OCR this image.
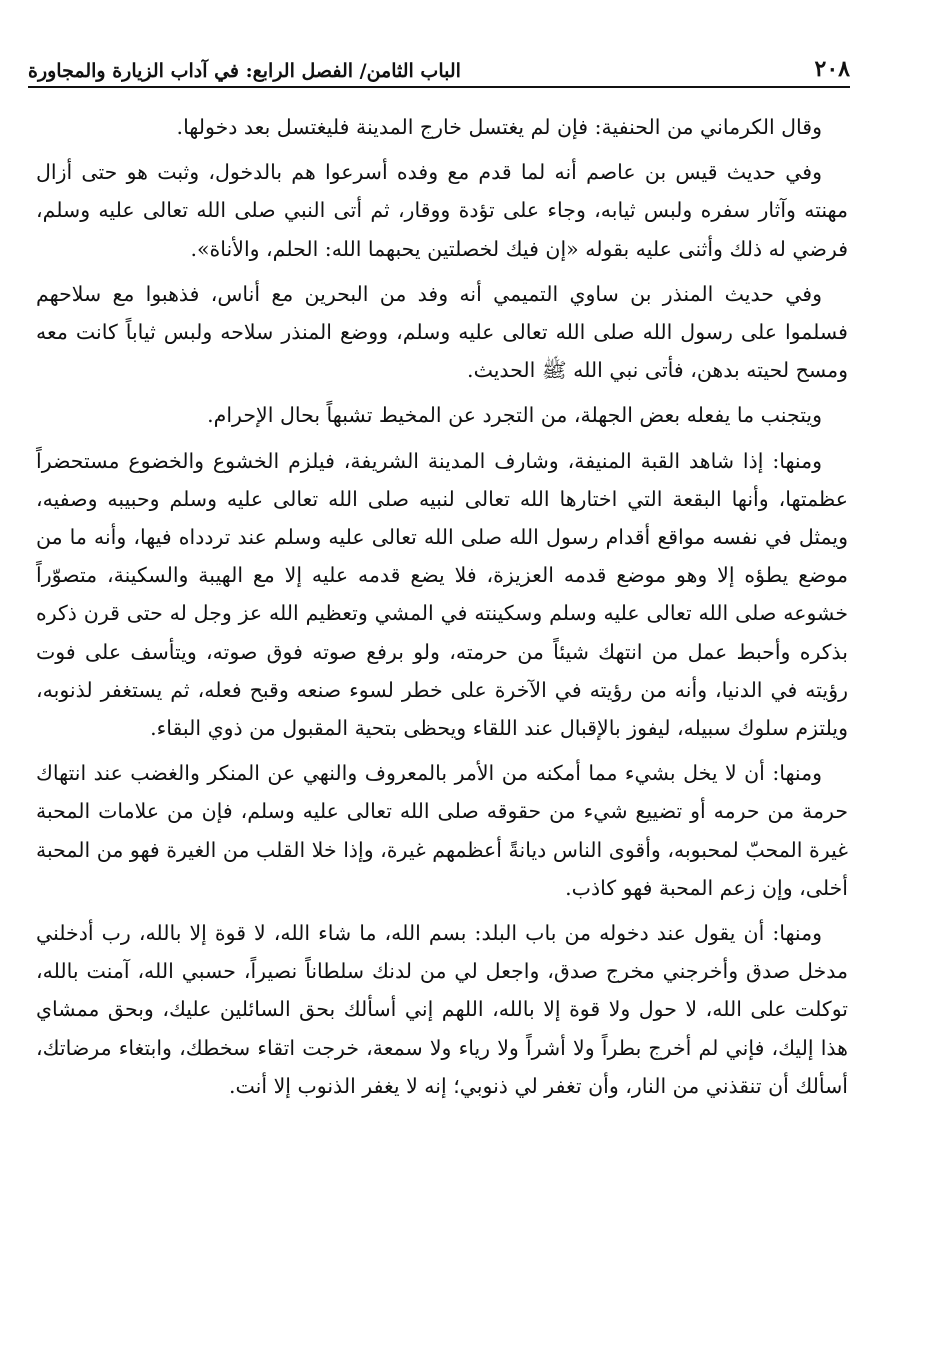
٢٠٨
الباب الثامن/ الفصل الرابع: في آداب الزيارة والمجاورة

وقال الكرماني من الحنفية: فإن لم يغتسل خارج المدينة فليغتسل بعد دخولها.

وفي حديث قيس بن عاصم أنه لما قدم مع وفده أسرعوا هم بالدخول، وثبت هو حتى أزال مهنته وآثار سفره ولبس ثيابه، وجاء على تؤدة ووقار، ثم أتى النبي صلى الله تعالى عليه وسلم، فرضي له ذلك وأثنى عليه بقوله «إن فيك لخصلتين يحبهما الله: الحلم، والأناة».

وفي حديث المنذر بن ساوي التميمي أنه وفد من البحرين مع أناس، فذهبوا مع سلاحهم فسلموا على رسول الله صلى الله تعالى عليه وسلم، ووضع المنذر سلاحه ولبس ثياباً كانت معه ومسح لحيته بدهن، فأتى نبي الله ﷺ الحديث.

ويتجنب ما يفعله بعض الجهلة، من التجرد عن المخيط تشبهاً بحال الإحرام.

ومنها: إذا شاهد القبة المنيفة، وشارف المدينة الشريفة، فيلزم الخشوع والخضوع مستحضراً عظمتها، وأنها البقعة التي اختارها الله تعالى لنبيه صلى الله تعالى عليه وسلم وحبيبه وصفيه، ويمثل في نفسه مواقع أقدام رسول الله صلى الله تعالى عليه وسلم عند تردداه فيها، وأنه ما من موضع يطؤه إلا وهو موضع قدمه العزيزة، فلا يضع قدمه عليه إلا مع الهيبة والسكينة، متصوّراً خشوعه صلى الله تعالى عليه وسلم وسكينته في المشي وتعظيم الله عز وجل له حتى قرن ذكره بذكره وأحبط عمل من انتهك شيئاً من حرمته، ولو برفع صوته فوق صوته، ويتأسف على فوت رؤيته في الدنيا، وأنه من رؤيته في الآخرة على خطر لسوء صنعه وقبح فعله، ثم يستغفر لذنوبه، ويلتزم سلوك سبيله، ليفوز بالإقبال عند اللقاء ويحظى بتحية المقبول من ذوي البقاء.

ومنها: أن لا يخل بشيء مما أمكنه من الأمر بالمعروف والنهي عن المنكر والغضب عند انتهاك حرمة من حرمه أو تضييع شيء من حقوقه صلى الله تعالى عليه وسلم، فإن من علامات المحبة غيرة المحبّ لمحبوبه، وأقوى الناس ديانةً أعظمهم غيرة، وإذا خلا القلب من الغيرة فهو من المحبة أخلى، وإن زعم المحبة فهو كاذب.

ومنها: أن يقول عند دخوله من باب البلد: بسم الله، ما شاء الله، لا قوة إلا بالله، رب أدخلني مدخل صدق وأخرجني مخرج صدق، واجعل لي من لدنك سلطاناً نصيراً، حسبي الله، آمنت بالله، توكلت على الله، لا حول ولا قوة إلا بالله، اللهم إني أسألك بحق السائلين عليك، وبحق ممشاي هذا إليك، فإني لم أخرج بطراً ولا أشراً ولا رياء ولا سمعة، خرجت اتقاء سخطك، وابتغاء مرضاتك، أسألك أن تنقذني من النار، وأن تغفر لي ذنوبي؛ إنه لا يغفر الذنوب إلا أنت.
